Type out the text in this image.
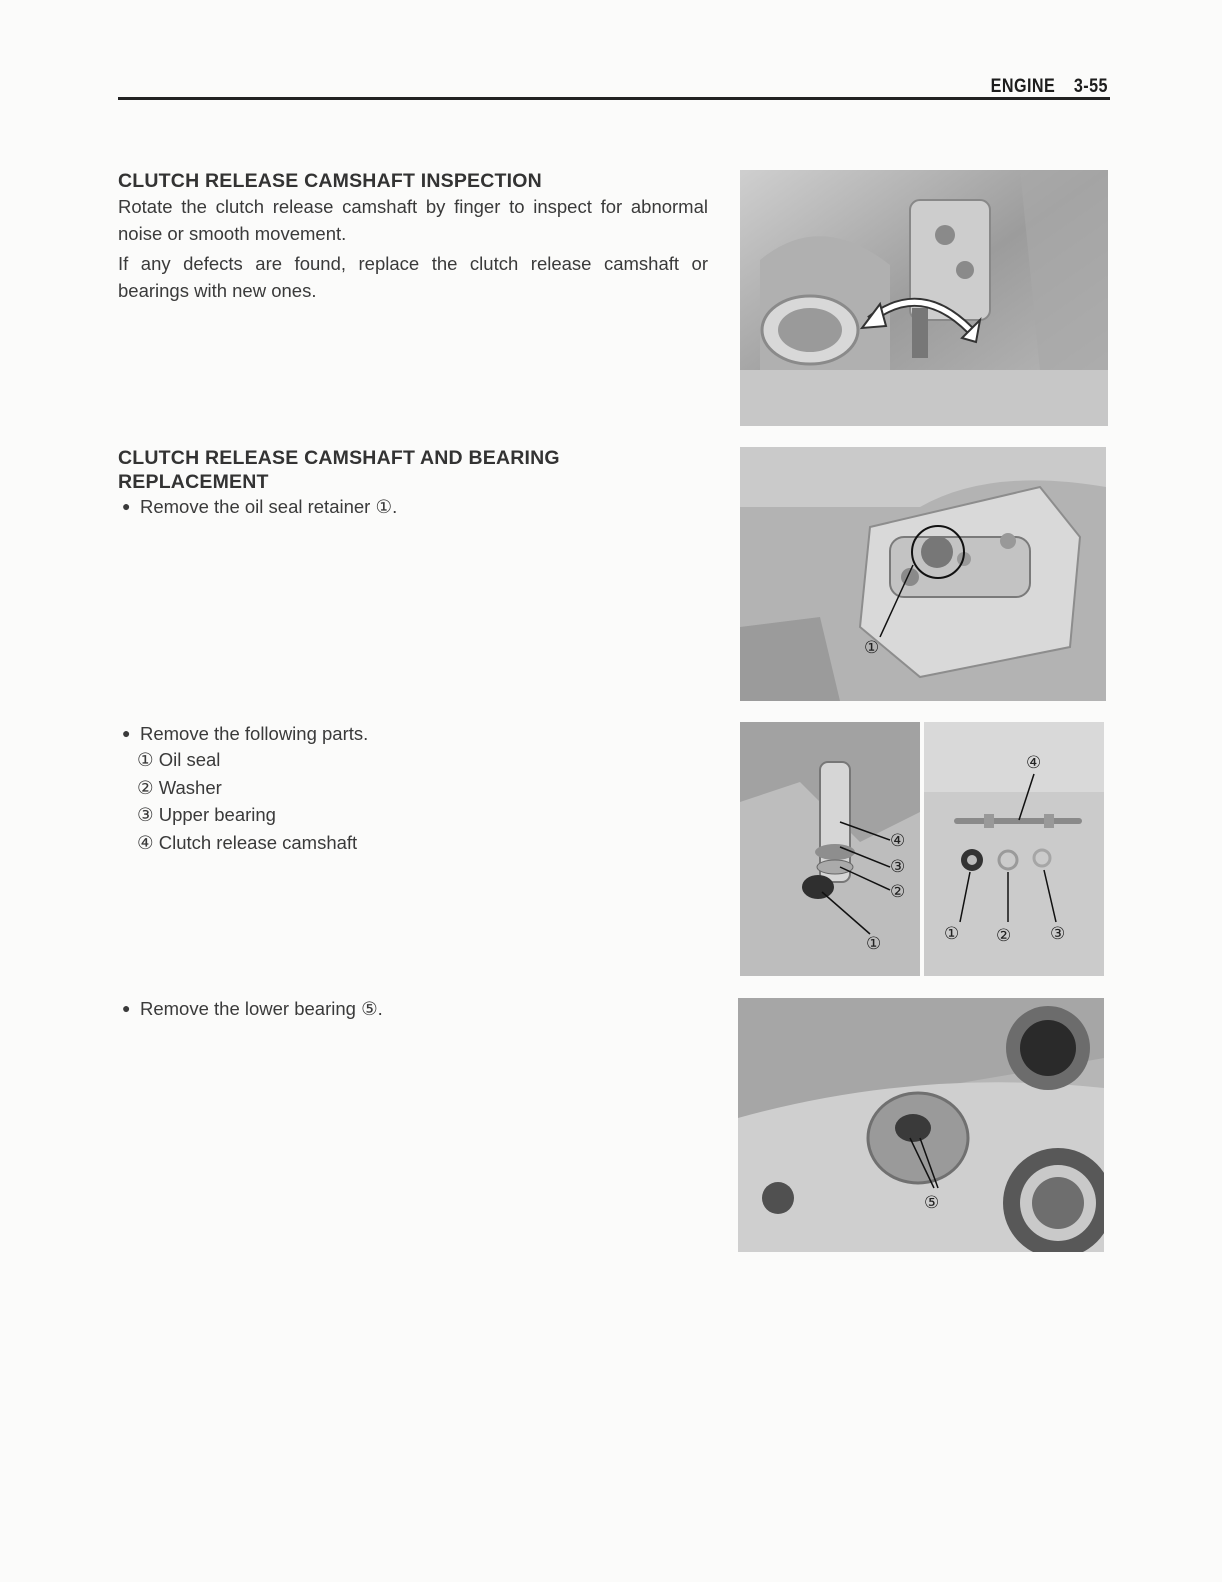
ENGINE 3-55
CLUTCH RELEASE CAMSHAFT INSPECTION

Rotate the clutch release camshaft by finger to inspect for abnormal noise or smooth movement.

If any defects are found, replace the clutch release camshaft or bearings with new ones.

CLUTCH RELEASE CAMSHAFT AND BEARING
REPLACEMENT

● Remove the oil seal retainer ①.

①

● Remove the following parts.

① Oil seal
② Washer
③ Upper bearing
④ Clutch release camshaft	④
③
②
①
④
① ② ③

● Remove the lower bearing ⑤.

⑤
